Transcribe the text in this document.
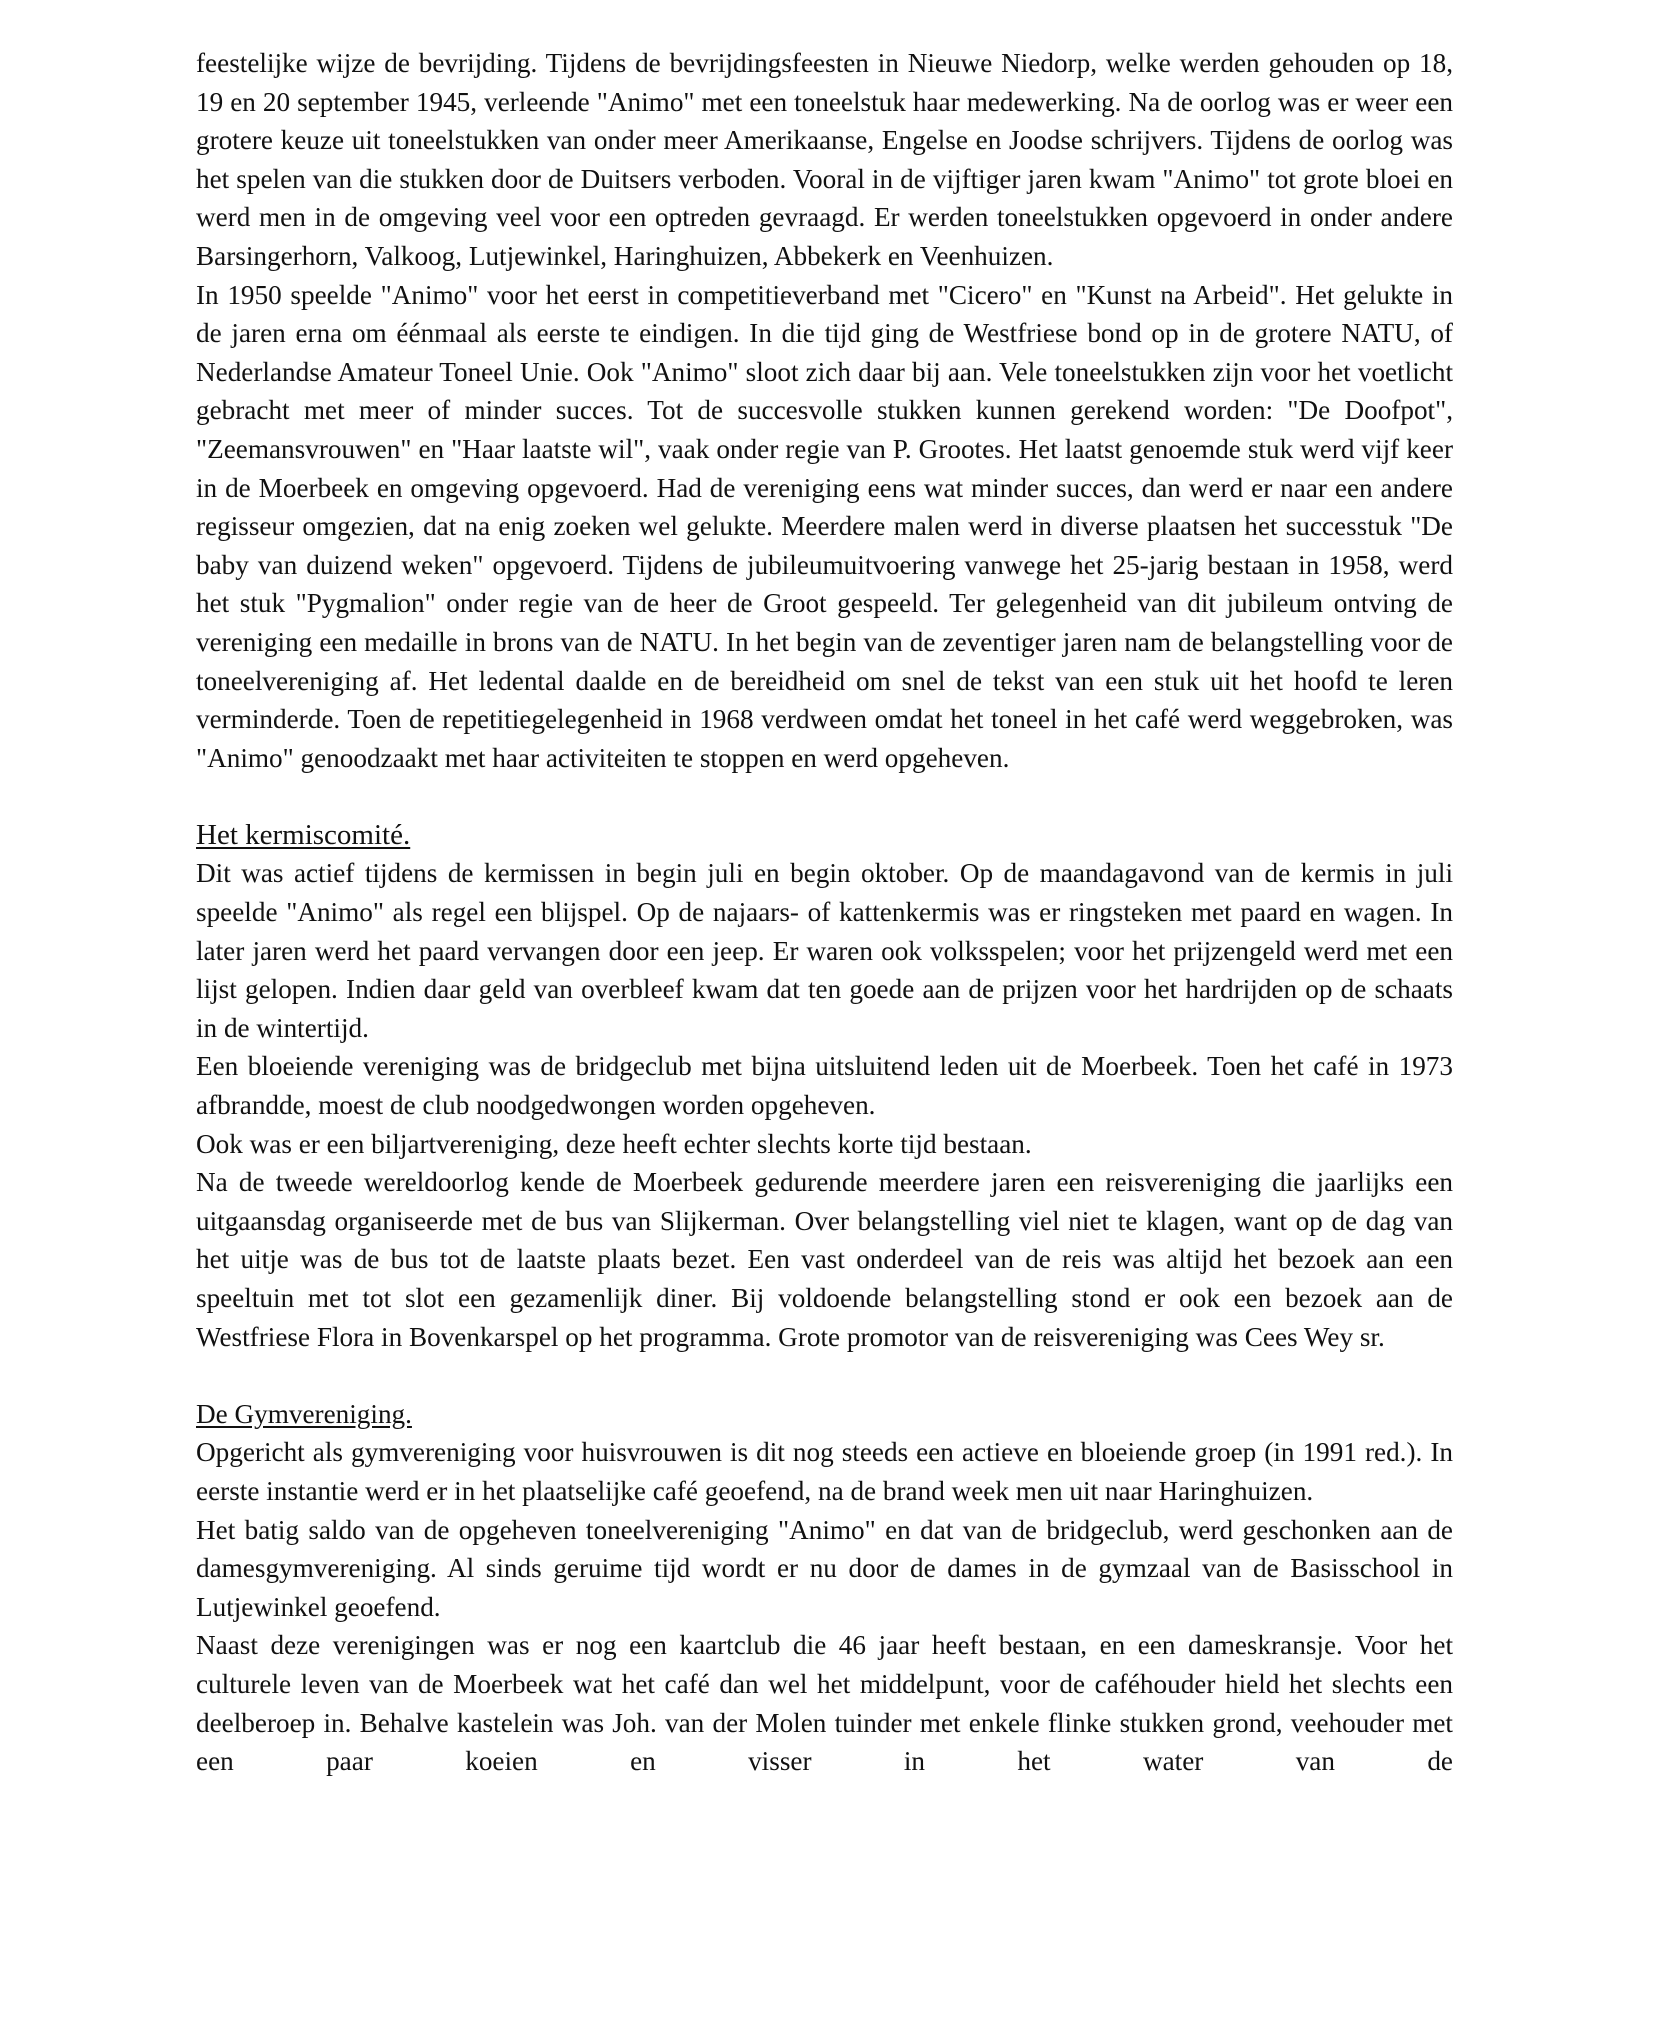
feestelijke wijze de bevrijding. Tijdens de bevrijdingsfeesten in Nieuwe Niedorp, welke werden gehouden op 18, 19 en 20 september 1945, verleende "Animo" met een toneelstuk haar medewerking. Na de oorlog was er weer een grotere keuze uit toneelstukken van onder meer Amerikaanse, Engelse en Joodse schrijvers. Tijdens de oorlog was het spelen van die stukken door de Duitsers verboden. Vooral in de vijftiger jaren kwam "Animo" tot grote bloei en werd men in de omgeving veel voor een optreden gevraagd. Er werden toneelstukken opgevoerd in onder andere Barsingerhorn, Valkoog, Lutjewinkel, Haringhuizen, Abbekerk en Veenhuizen.

In 1950 speelde "Animo" voor het eerst in competitieverband met "Cicero" en "Kunst na Arbeid". Het gelukte in de jaren erna om éénmaal als eerste te eindigen. In die tijd ging de Westfriese bond op in de grotere NATU, of Nederlandse Amateur Toneel Unie. Ook "Animo" sloot zich daar bij aan. Vele toneelstukken zijn voor het voetlicht gebracht met meer of minder succes. Tot de succesvolle stukken kunnen gerekend worden: "De Doofpot", "Zeemansvrouwen" en "Haar laatste wil", vaak onder regie van P. Grootes. Het laatst genoemde stuk werd vijf keer in de Moerbeek en omgeving opgevoerd. Had de vereniging eens wat minder succes, dan werd er naar een andere regisseur omgezien, dat na enig zoeken wel gelukte. Meerdere malen werd in diverse plaatsen het successtuk "De baby van duizend weken" opgevoerd. Tijdens de jubileumuitvoering vanwege het 25-jarig bestaan in 1958, werd het stuk "Pygmalion" onder regie van de heer de Groot gespeeld. Ter gelegenheid van dit jubileum ontving de vereniging een medaille in brons van de NATU. In het begin van de zeventiger jaren nam de belangstelling voor de toneelvereniging af. Het ledental daalde en de bereidheid om snel de tekst van een stuk uit het hoofd te leren verminderde. Toen de repetitiegelegenheid in 1968 verdween omdat het toneel in het café werd weggebroken, was "Animo" genoodzaakt met haar activiteiten te stoppen en werd opgeheven.

Het kermiscomité.

Dit was actief tijdens de kermissen in begin juli en begin oktober. Op de maandagavond van de kermis in juli speelde "Animo" als regel een blijspel. Op de najaars- of kattenkermis was er ringsteken met paard en wagen. In later jaren werd het paard vervangen door een jeep. Er waren ook volksspelen; voor het prijzengeld werd met een lijst gelopen. Indien daar geld van overbleef kwam dat ten goede aan de prijzen voor het hardrijden op de schaats in de wintertijd.

Een bloeiende vereniging was de bridgeclub met bijna uitsluitend leden uit de Moerbeek. Toen het café in 1973 afbrandde, moest de club noodgedwongen worden opgeheven.

Ook was er een biljartvereniging, deze heeft echter slechts korte tijd bestaan.

Na de tweede wereldoorlog kende de Moerbeek gedurende meerdere jaren een reisvereniging die jaarlijks een uitgaansdag organiseerde met de bus van Slijkerman. Over belangstelling viel niet te klagen, want op de dag van het uitje was de bus tot de laatste plaats bezet. Een vast onderdeel van de reis was altijd het bezoek aan een speeltuin met tot slot een gezamenlijk diner. Bij voldoende belangstelling stond er ook een bezoek aan de Westfriese Flora in Bovenkarspel op het programma. Grote promotor van de reisvereniging was Cees Wey sr.

De Gymvereniging.

Opgericht als gymvereniging voor huisvrouwen is dit nog steeds een actieve en bloeiende groep (in 1991 red.). In eerste instantie werd er in het plaatselijke café geoefend, na de brand week men uit naar Haringhuizen.

Het batig saldo van de opgeheven toneelvereniging "Animo" en dat van de bridgeclub, werd geschonken aan de damesgymvereniging. Al sinds geruime tijd wordt er nu door de dames in de gymzaal van de Basisschool in Lutjewinkel geoefend.

Naast deze verenigingen was er nog een kaartclub die 46 jaar heeft bestaan, en een dameskransje. Voor het culturele leven van de Moerbeek wat het café dan wel het middelpunt, voor de caféhouder hield het slechts een deelberoep in. Behalve kastelein was Joh. van der Molen tuinder met enkele flinke stukken grond, veehouder met een paar koeien en visser in het water van de
